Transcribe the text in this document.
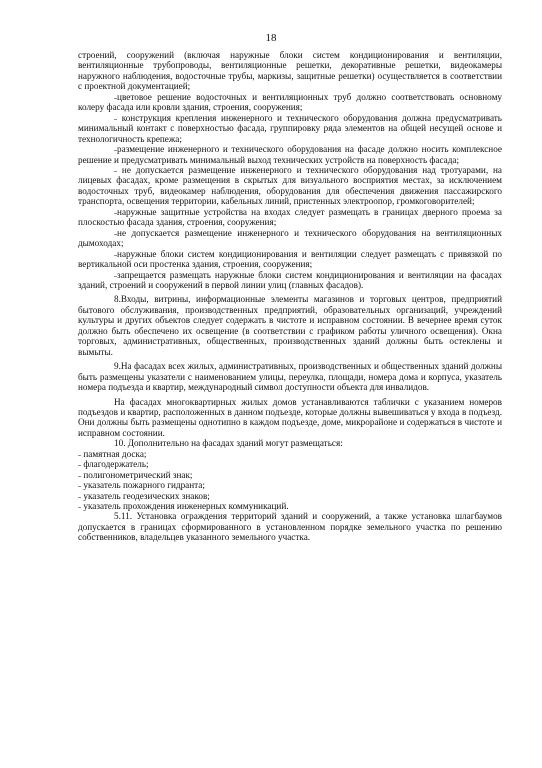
18

строений, сооружений (включая наружные блоки систем кондиционирования и вентиляции, вентиляционные трубопроводы, вентиляционные решетки, декоративные решетки, видеокамеры наружного наблюдения, водосточные трубы, маркизы, защитные решетки) осуществляется в соответствии с проектной документацией;

˗цветовое решение водосточных и вентиляционных труб должно соответствовать основному колеру фасада или кровли здания, строения, сооружения;

˗ конструкция крепления инженерного и технического оборудования должна предусматривать минимальный контакт с поверхностью фасада, группировку ряда элементов на общей несущей основе и технологичность крепежа;

˗размещение инженерного и технического оборудования на фасаде должно носить комплексное решение и предусматривать минимальный выход технических устройств на поверхность фасада;

˗ не допускается размещение инженерного и технического оборудования над тротуарами, на лицевых фасадах, кроме размещения в скрытых для визуального восприятия местах, за исключением водосточных труб, видеокамер наблюдения, оборудования для обеспечения движения пассажирского транспорта, освещения территории, кабельных линий, пристенных электроопор, громкоговорителей;

˗наружные защитные устройства на входах следует размещать в границах дверного проема за плоскостью фасада здания, строения, сооружения;

˗не допускается размещение инженерного и технического оборудования на вентиляционных дымоходах;

˗наружные блоки систем кондиционирования и вентиляции следует размещать с привязкой по вертикальной оси простенка здания, строения, сооружения;

˗запрещается размещать наружные блоки систем кондиционирования и вентиляции на фасадах зданий, строений и сооружений в первой линии улиц (главных фасадов).

8.Входы, витрины, информационные элементы магазинов и торговых центров, предприятий бытового обслуживания, производственных предприятий, образовательных организаций, учреждений культуры и других объектов следует содержать в чистоте и исправном состоянии. В вечернее время суток должно быть обеспечено их освещение (в соответствии с графиком работы уличного освещения). Окна торговых, административных, общественных, производственных зданий должны быть остеклены и вымыты.

9.На фасадах всех жилых, административных, производственных и общественных зданий должны быть размещены указатели с наименованием улицы, переулка, площади, номера дома и корпуса, указатель номера подъезда и квартир, международный символ доступности объекта для инвалидов.

На фасадах многоквартирных жилых домов устанавливаются таблички с указанием номеров подъездов и квартир, расположенных в данном подъезде, которые должны вывешиваться у входа в подъезд. Они должны быть размещены однотипно в каждом подъезде, доме, микрорайоне и содержаться в чистоте и исправном состоянии.

10. Дополнительно на фасадах зданий могут размещаться:

˗ памятная доска;

˗ флагодержатель;

˗ полигонометрический знак;

˗ указатель пожарного гидранта;

˗ указатель геодезических знаков;

˗ указатель прохождения инженерных коммуникаций.

5.11. Установка ограждения территорий зданий и сооружений, а также установка шлагбаумов допускается в границах сформированного в установленном порядке земельного участка по решению собственников, владельцев указанного земельного участка.
